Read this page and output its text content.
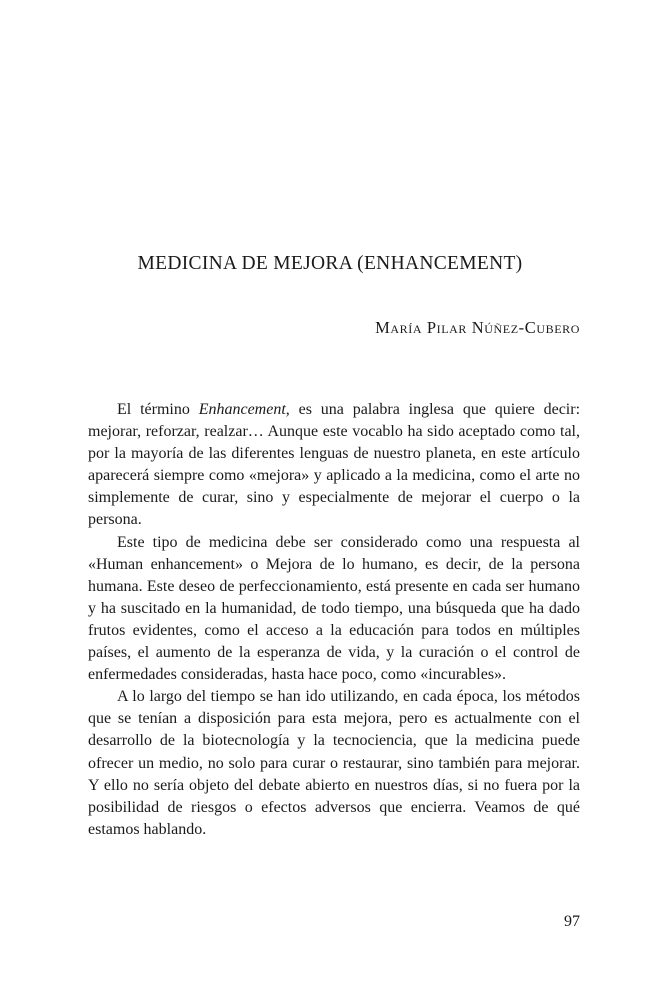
MEDICINA DE MEJORA (ENHANCEMENT)
María Pilar Núñez-Cubero

El término Enhancement, es una palabra inglesa que quiere decir: mejorar, reforzar, realzar… Aunque este vocablo ha sido aceptado como tal, por la mayoría de las diferentes lenguas de nuestro planeta, en este artículo aparecerá siempre como «mejora» y aplicado a la medicina, como el arte no simplemente de curar, sino y especialmente de mejorar el cuerpo o la persona.

Este tipo de medicina debe ser considerado como una respuesta al «Human enhancement» o Mejora de lo humano, es decir, de la persona humana. Este deseo de perfeccionamiento, está presente en cada ser humano y ha suscitado en la humanidad, de todo tiempo, una búsqueda que ha dado frutos evidentes, como el acceso a la educación para todos en múltiples países, el aumento de la esperanza de vida, y la curación o el control de enfermedades consideradas, hasta hace poco, como «incurables».

A lo largo del tiempo se han ido utilizando, en cada época, los métodos que se tenían a disposición para esta mejora, pero es actualmente con el desarrollo de la biotecnología y la tecnociencia, que la medicina puede ofrecer un medio, no solo para curar o restaurar, sino también para mejorar. Y ello no sería objeto del debate abierto en nuestros días, si no fuera por la posibilidad de riesgos o efectos adversos que encierra. Veamos de qué estamos hablando.

97
